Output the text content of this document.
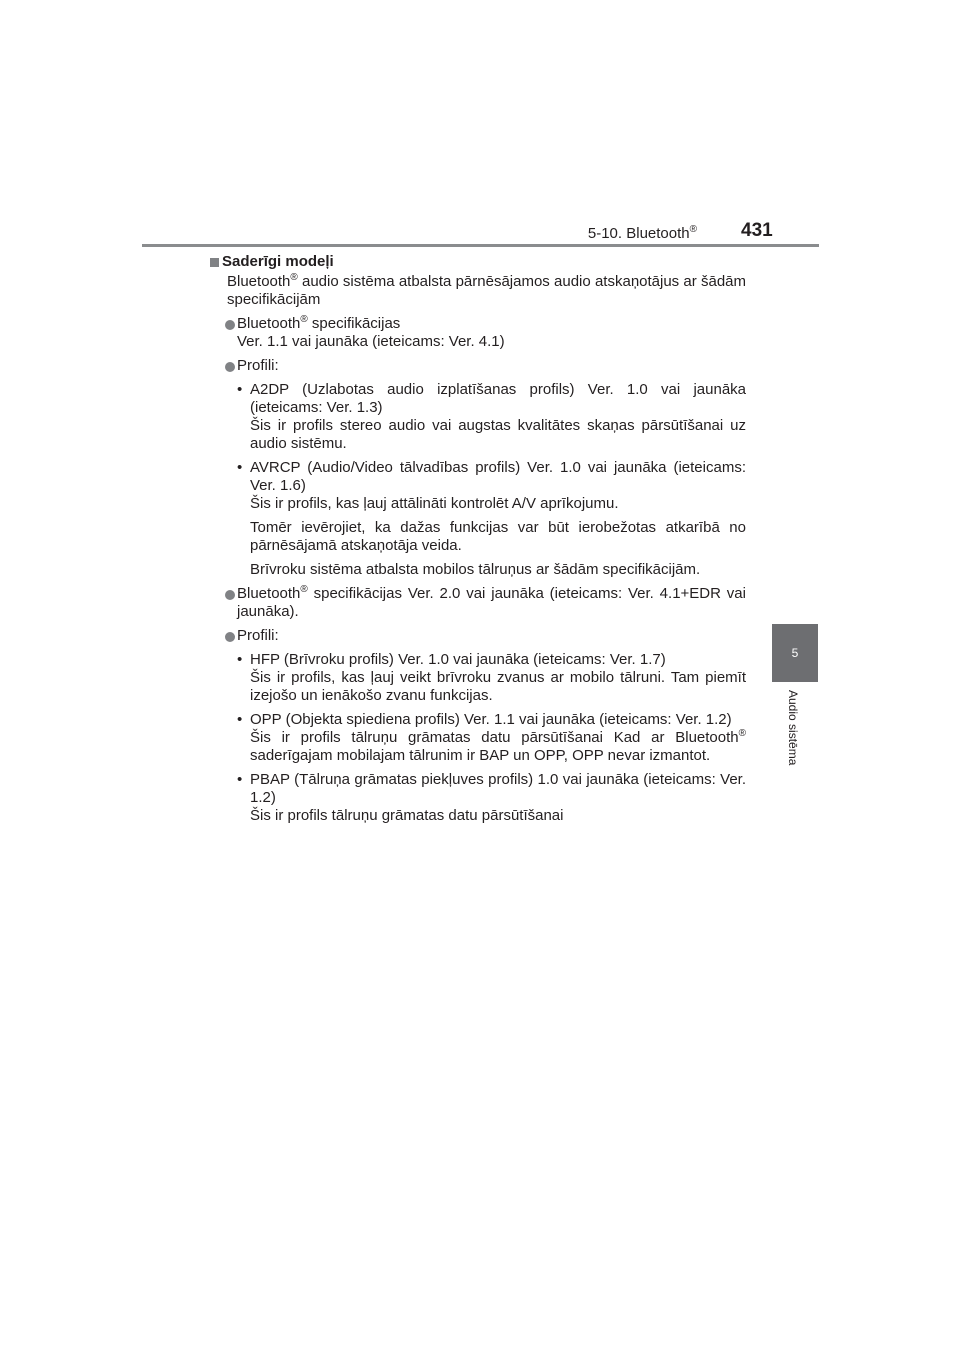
5-10. Bluetooth® 431
5
Audio sistēma

Saderīgi modeļi

Bluetooth® audio sistēma atbalsta pārnēsājamos audio atskaņotājus ar šādām specifikācijām

Bluetooth® specifikācijas
Ver. 1.1 vai jaunāka (ieteicams: Ver. 4.1)
Profili:
• A2DP (Uzlabotas audio izplatīšanas profils) Ver. 1.0 vai jaunāka (ieteicams: Ver. 1.3)
Šis ir profils stereo audio vai augstas kvalitātes skaņas pārsūtīšanai uz audio sistēmu.
• AVRCP (Audio/Video tālvadības profils) Ver. 1.0 vai jaunāka (ieteicams: Ver. 1.6)
Šis ir profils, kas ļauj attālināti kontrolēt A/V aprīkojumu.

Tomēr ievērojiet, ka dažas funkcijas var būt ierobežotas atkarībā no pārnēsājamā atskaņotāja veida.

Brīvroku sistēma atbalsta mobilos tālruņus ar šādām specifikācijām.

Bluetooth® specifikācijas Ver. 2.0 vai jaunāka (ieteicams: Ver. 4.1+EDR vai jaunāka).
Profili:
• HFP (Brīvroku profils) Ver. 1.0 vai jaunāka (ieteicams: Ver. 1.7)
Šis ir profils, kas ļauj veikt brīvroku zvanus ar mobilo tālruni. Tam piemīt izejošo un ienākošo zvanu funkcijas.
• OPP (Objekta spiediena profils) Ver. 1.1 vai jaunāka (ieteicams: Ver. 1.2)
Šis ir profils tālruņu grāmatas datu pārsūtīšanai Kad ar Bluetooth® saderīgajam mobilajam tālrunim ir BAP un OPP, OPP nevar izmantot.
• PBAP (Tālruņa grāmatas piekļuves profils) 1.0 vai jaunāka (ieteicams: Ver. 1.2)
Šis ir profils tālruņu grāmatas datu pārsūtīšanai
